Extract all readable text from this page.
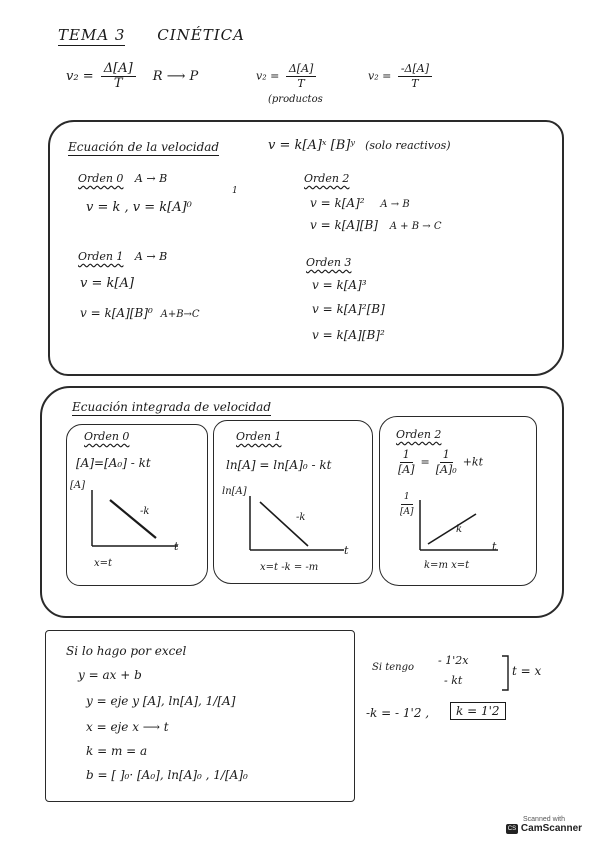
TEMA 3 CINÉTICA
$v_2 = \frac{\Delta[A]}{T}$ R ⟶ P	$v_2 = \frac{\Delta[A]}{T}$
(productos
$v_2 = \frac{-\Delta[A]}{T}$
Ecuación de la velocidad	v = k[A]ˣ [B]ʸ (solo reactivos)
Orden 0 A → B
v = k , v = k[A]⁰
1
Orden 1 A → B
v = k[A]
v = k[A][B]⁰ A+B→C
Orden 2
v = k[A]² A → B
v = k[A][B] A + B → C
Orden 3
v = k[A]³
v = k[A]²[B]
v = k[A][B]²
Ecuación integrada de velocidad
Orden 0
[A]=[A₀] - kt
[A]
-k
t
x=t
Orden 1
ln[A] = ln[A]₀ - kt
ln[A]
-k
t
x=t -k = -m
Orden 2
$\frac{1}{[A]} = \frac{1}{\text{[A]₀}} +kt$
$\frac{1}{[A]}$
k
t
k=m x=t
Si lo hago por excel
y = ax + b
y = eje y [A], ln[A], 1/[A]
x = eje x ⟶ t
k = m = a
b = [ ]₀· [A₀], ln[A]₀ , 1/[A]₀
Si tengo
- 1'2x
- kt
t = x
-k = - 1'2 ,	k = 1'2
Scanned with
CS CamScanner
